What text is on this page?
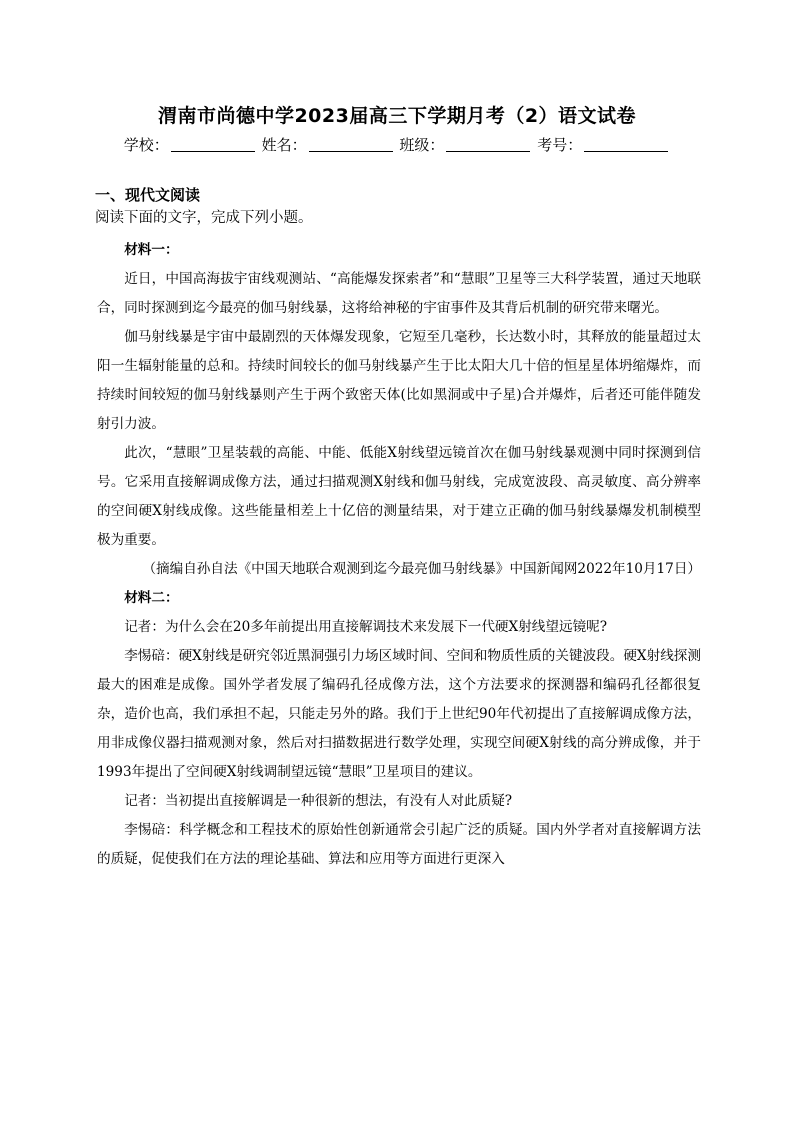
渭南市尚德中学2023届高三下学期月考（2）语文试卷
学校：	姓名：	班级：	考号：
一、现代文阅读
阅读下面的文字，完成下列小题。

材料一：

近日，中国高海拔宇宙线观测站、“高能爆发探索者”和“慧眼”卫星等三大科学装置，通过天地联合，同时探测到迄今最亮的伽马射线暴，这将给神秘的宇宙事件及其背后机制的研究带来曙光。

伽马射线暴是宇宙中最剧烈的天体爆发现象，它短至几毫秒，长达数小时，其释放的能量超过太阳一生辐射能量的总和。持续时间较长的伽马射线暴产生于比太阳大几十倍的恒星星体坍缩爆炸，而持续时间较短的伽马射线暴则产生于两个致密天体(比如黑洞或中子星)合并爆炸，后者还可能伴随发射引力波。

此次，“慧眼”卫星装载的高能、中能、低能X射线望远镜首次在伽马射线暴观测中同时探测到信号。它采用直接解调成像方法，通过扫描观测X射线和伽马射线，完成宽波段、高灵敏度、高分辨率的空间硬X射线成像。这些能量相差上十亿倍的测量结果，对于建立正确的伽马射线暴爆发机制模型极为重要。

（摘编自孙自法《中国天地联合观测到迄今最亮伽马射线暴》中国新闻网2022年10月17日）

材料二：

记者：为什么会在20多年前提出用直接解调技术来发展下一代硬X射线望远镜呢?

李惕碚：硬X射线是研究邻近黑洞强引力场区域时间、空间和物质性质的关键波段。硬X射线探测最大的困难是成像。国外学者发展了编码孔径成像方法，这个方法要求的探测器和编码孔径都很复杂，造价也高，我们承担不起，只能走另外的路。我们于上世纪90年代初提出了直接解调成像方法，用非成像仪器扫描观测对象，然后对扫描数据进行数学处理，实现空间硬X射线的高分辨成像，并于1993年提出了空间硬X射线调制望远镜“慧眼”卫星项目的建议。

记者：当初提出直接解调是一种很新的想法，有没有人对此质疑?

李惕碚：科学概念和工程技术的原始性创新通常会引起广泛的质疑。国内外学者对直接解调方法的质疑，促使我们在方法的理论基础、算法和应用等方面进行更深入
